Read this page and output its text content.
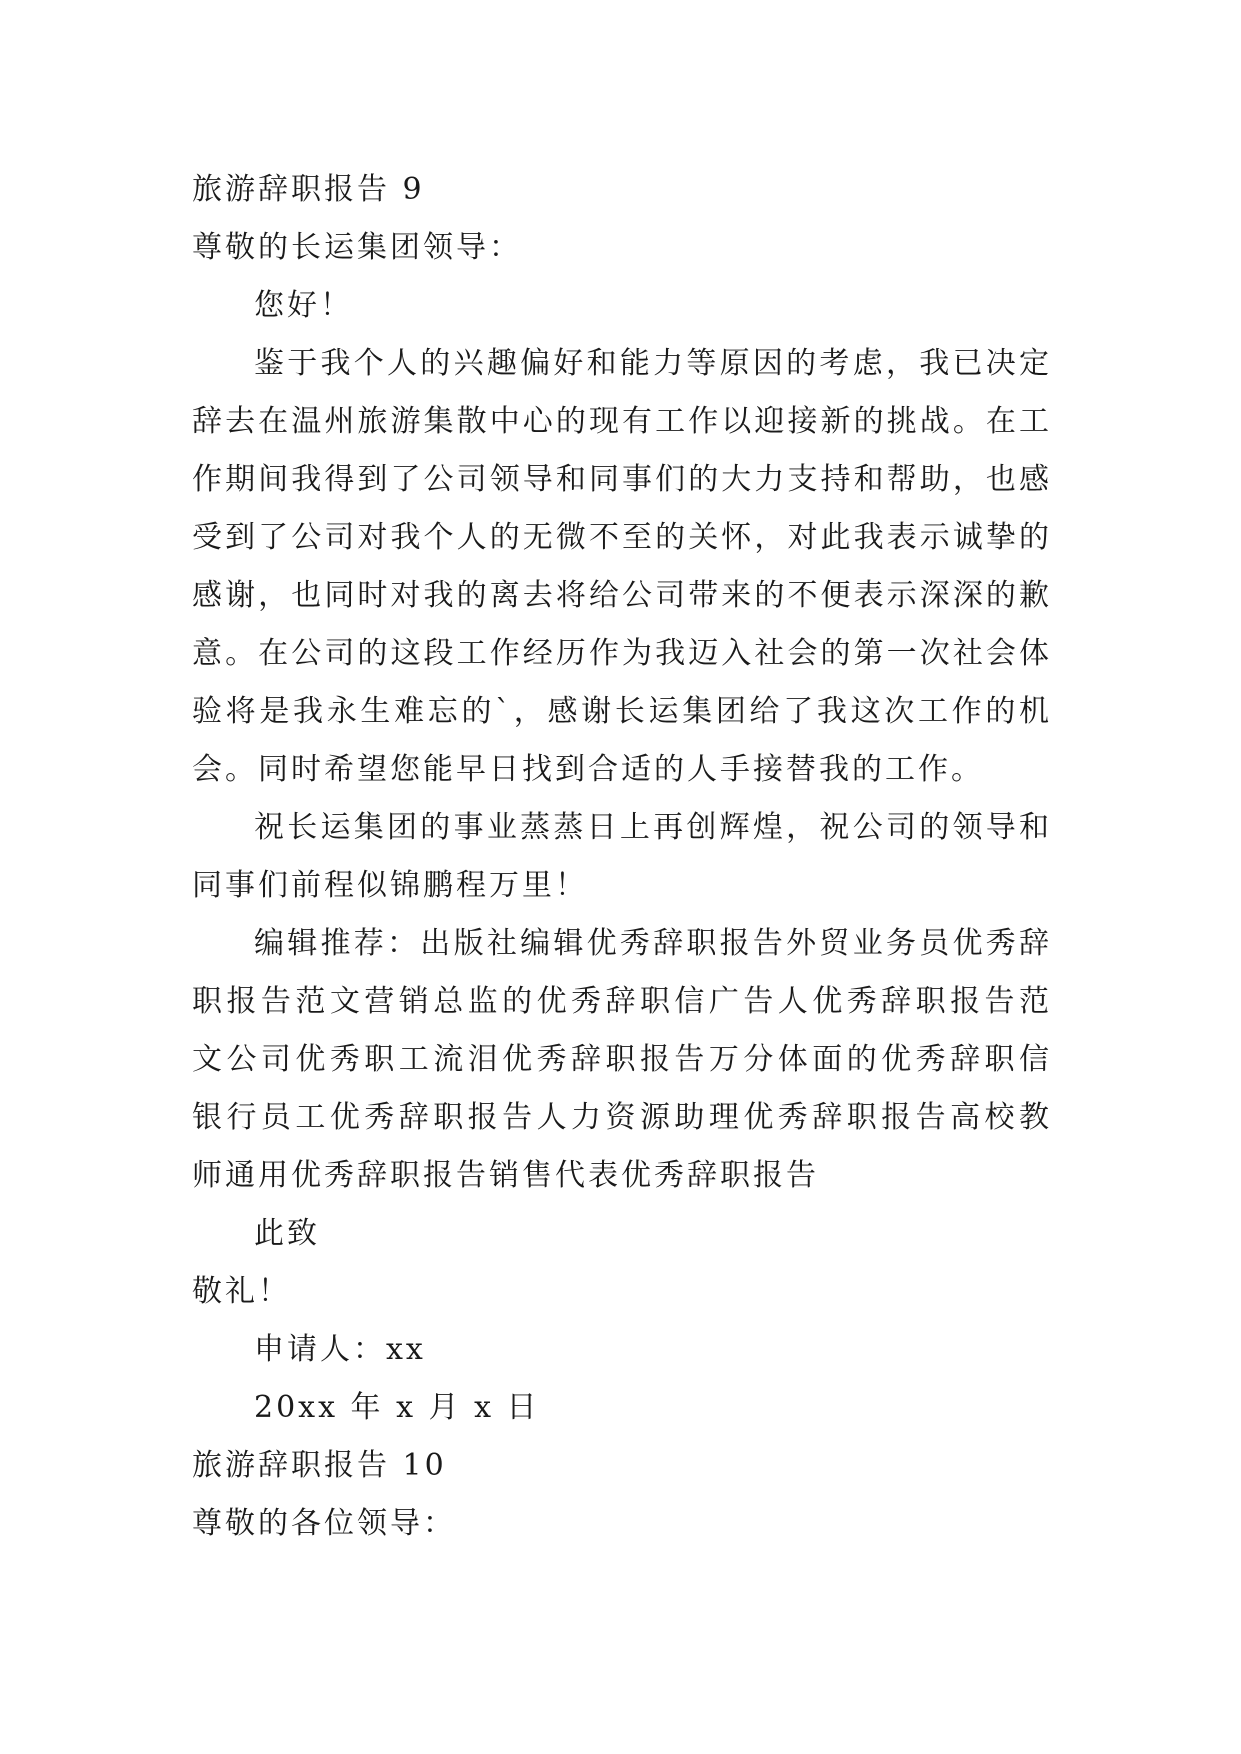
旅游辞职报告 9
尊敬的长运集团领导：
您好！
鉴于我个人的兴趣偏好和能力等原因的考虑，我已决定
辞去在温州旅游集散中心的现有工作以迎接新的挑战。在工
作期间我得到了公司领导和同事们的大力支持和帮助，也感
受到了公司对我个人的无微不至的关怀，对此我表示诚挚的
感谢，也同时对我的离去将给公司带来的不便表示深深的歉
意。在公司的这段工作经历作为我迈入社会的第一次社会体
验将是我永生难忘的`，感谢长运集团给了我这次工作的机
会。同时希望您能早日找到合适的人手接替我的工作。
祝长运集团的事业蒸蒸日上再创辉煌，祝公司的领导和
同事们前程似锦鹏程万里！
编辑推荐：出版社编辑优秀辞职报告外贸业务员优秀辞
职报告范文营销总监的优秀辞职信广告人优秀辞职报告范
文公司优秀职工流泪优秀辞职报告万分体面的优秀辞职信
银行员工优秀辞职报告人力资源助理优秀辞职报告高校教
师通用优秀辞职报告销售代表优秀辞职报告
此致
敬礼！
申请人：xx
20xx 年 x 月 x 日
旅游辞职报告 10
尊敬的各位领导：
